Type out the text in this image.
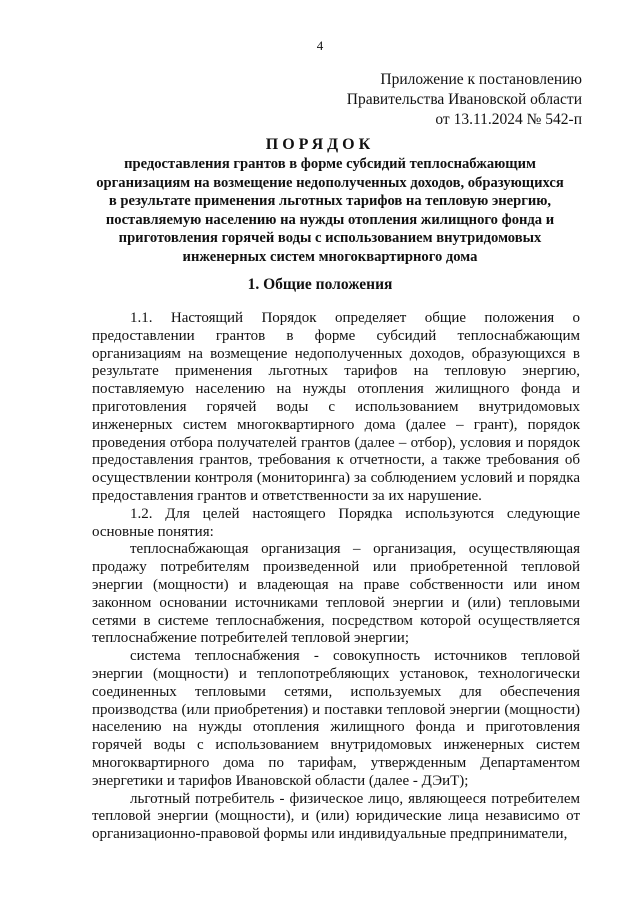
4
Приложение к постановлению
Правительства Ивановской области
от 13.11.2024 № 542-п
ПОРЯДОК
предоставления грантов в форме субсидий теплоснабжающим организациям на возмещение недополученных доходов, образующихся в результате применения льготных тарифов на тепловую энергию, поставляемую населению на нужды отопления жилищного фонда и приготовления горячей воды с использованием внутридомовых инженерных систем многоквартирного дома
1. Общие положения

1.1. Настоящий Порядок определяет общие положения о предоставлении грантов в форме субсидий теплоснабжающим организациям на возмещение недополученных доходов, образующихся в результате применения льготных тарифов на тепловую энергию, поставляемую населению на нужды отопления жилищного фонда и приготовления горячей воды с использованием внутридомовых инженерных систем многоквартирного дома (далее – грант), порядок проведения отбора получателей грантов (далее – отбор), условия и порядок предоставления грантов, требования к отчетности, а также требования об осуществлении контроля (мониторинга) за соблюдением условий и порядка предоставления грантов и ответственности за их нарушение.

1.2. Для целей настоящего Порядка используются следующие основные понятия:

теплоснабжающая организация – организация, осуществляющая продажу потребителям произведенной или приобретенной тепловой энергии (мощности) и владеющая на праве собственности или ином законном основании источниками тепловой энергии и (или) тепловыми сетями в системе теплоснабжения, посредством которой осуществляется теплоснабжение потребителей тепловой энергии;

система теплоснабжения - совокупность источников тепловой энергии (мощности) и теплопотребляющих установок, технологически соединенных тепловыми сетями, используемых для обеспечения производства (или приобретения) и поставки тепловой энергии (мощности) населению на нужды отопления жилищного фонда и приготовления горячей воды с использованием внутридомовых инженерных систем многоквартирного дома по тарифам, утвержденным Департаментом энергетики и тарифов Ивановской области (далее - ДЭиТ);

льготный потребитель - физическое лицо, являющееся потребителем тепловой энергии (мощности), и (или) юридические лица независимо от организационно-правовой формы или индивидуальные предприниматели,
